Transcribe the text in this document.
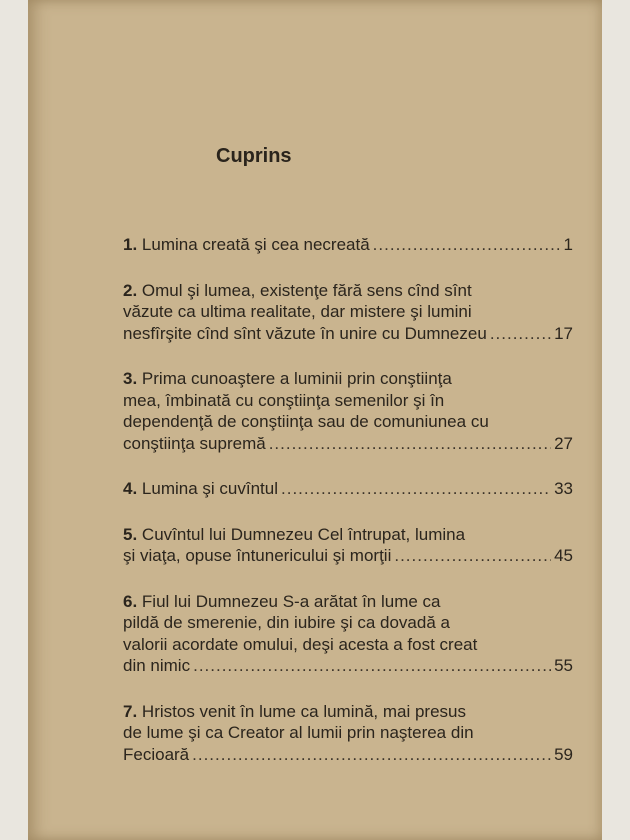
Cuprins
1. Lumina creată şi cea necreată .....	1
2. Omul şi lumea, existenţe fără sens cînd sînt
văzute ca ultima realitate, dar mistere şi lumini
nesfîrşite cînd sînt văzute în unire cu Dumnezeu .....	17
3. Prima cunoaştere a luminii prin conştiinţa
mea, îmbinată cu conştiinţa semenilor şi în
dependenţă de conştiinţa sau de comuniunea cu
conştiinţa supremă .....	27
4. Lumina şi cuvîntul .....	33
5. Cuvîntul lui Dumnezeu Cel întrupat, lumina
şi viaţa, opuse întunericului şi morţii .....	45
6. Fiul lui Dumnezeu S-a arătat în lume ca
pildă de smerenie, din iubire şi ca dovadă a
valorii acordate omului, deşi acesta a fost creat
din nimic .....	55
7. Hristos venit în lume ca lumină, mai presus
de lume şi ca Creator al lumii prin naşterea din
Fecioară .....	59
